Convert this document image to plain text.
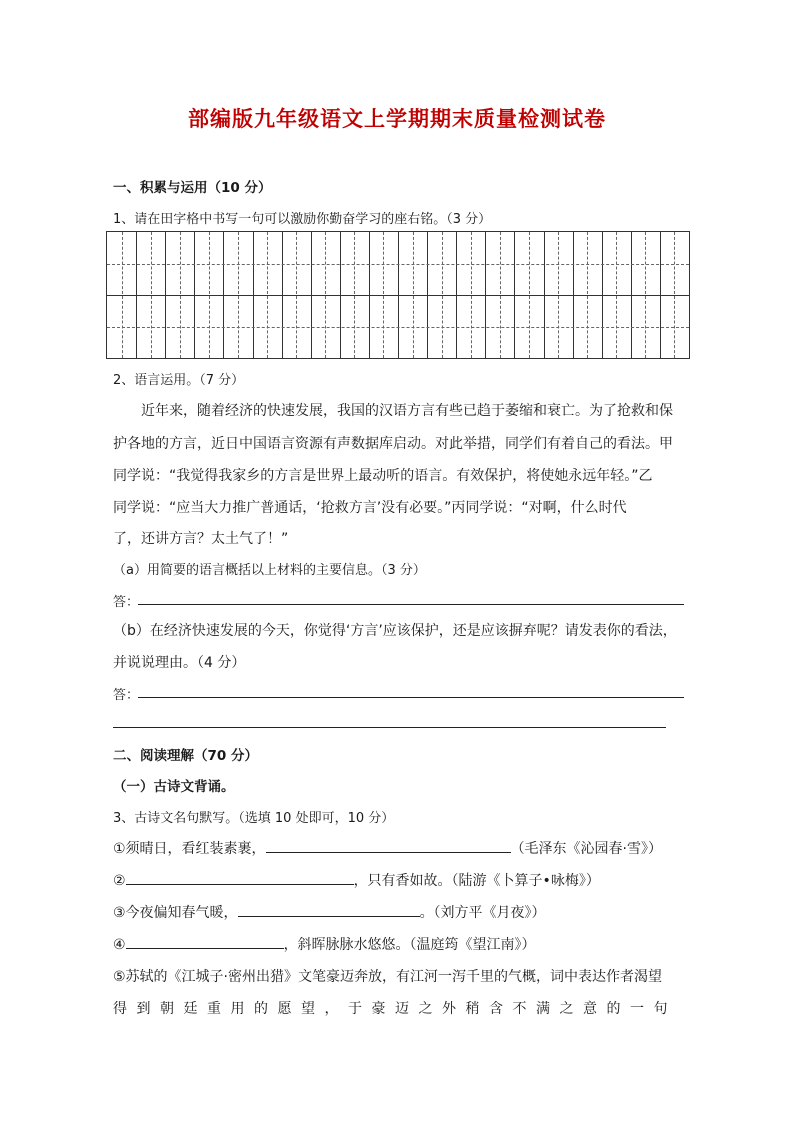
部编版九年级语文上学期期末质量检测试卷
一、积累与运用（10 分）
1、请在田字格中书写一句可以激励你勤奋学习的座右铭。（3 分）
2、语言运用。（7 分）
近年来，随着经济的快速发展，我国的汉语方言有些已趋于萎缩和衰亡。为了抢救和保
护各地的方言，近日中国语言资源有声数据库启动。对此举措，同学们有着自己的看法。甲
同学说：“我觉得我家乡的方言是世界上最动听的语言。有效保护，将使她永远年轻。”乙
同学说：“应当大力推广普通话，‘抢救方言’没有必要。”丙同学说：“对啊，什么时代
了，还讲方言？太土气了！”
（a）用简要的语言概括以上材料的主要信息。（3 分）
答：
（b）在经济快速发展的今天，你觉得‘方言’应该保护，还是应该摒弃呢？请发表你的看法，
并说说理由。（4 分）
答：
二、阅读理解（70 分）
（一）古诗文背诵。
3、古诗文名句默写。（选填 10 处即可，10 分）
①须晴日，看红装素裹，	（毛泽东《沁园春·雪》）
②	，只有香如故。（陆游《卜算子•咏梅》）
③今夜偏知春气暖，	。（刘方平《月夜》）
④	，斜晖脉脉水悠悠。（温庭筠《望江南》）
⑤苏轼的《江城子·密州出猎》文笔豪迈奔放，有江河一泻千里的气概，词中表达作者渴望
得到朝廷重用的愿望，于豪迈之外稍含不满之意的一句
